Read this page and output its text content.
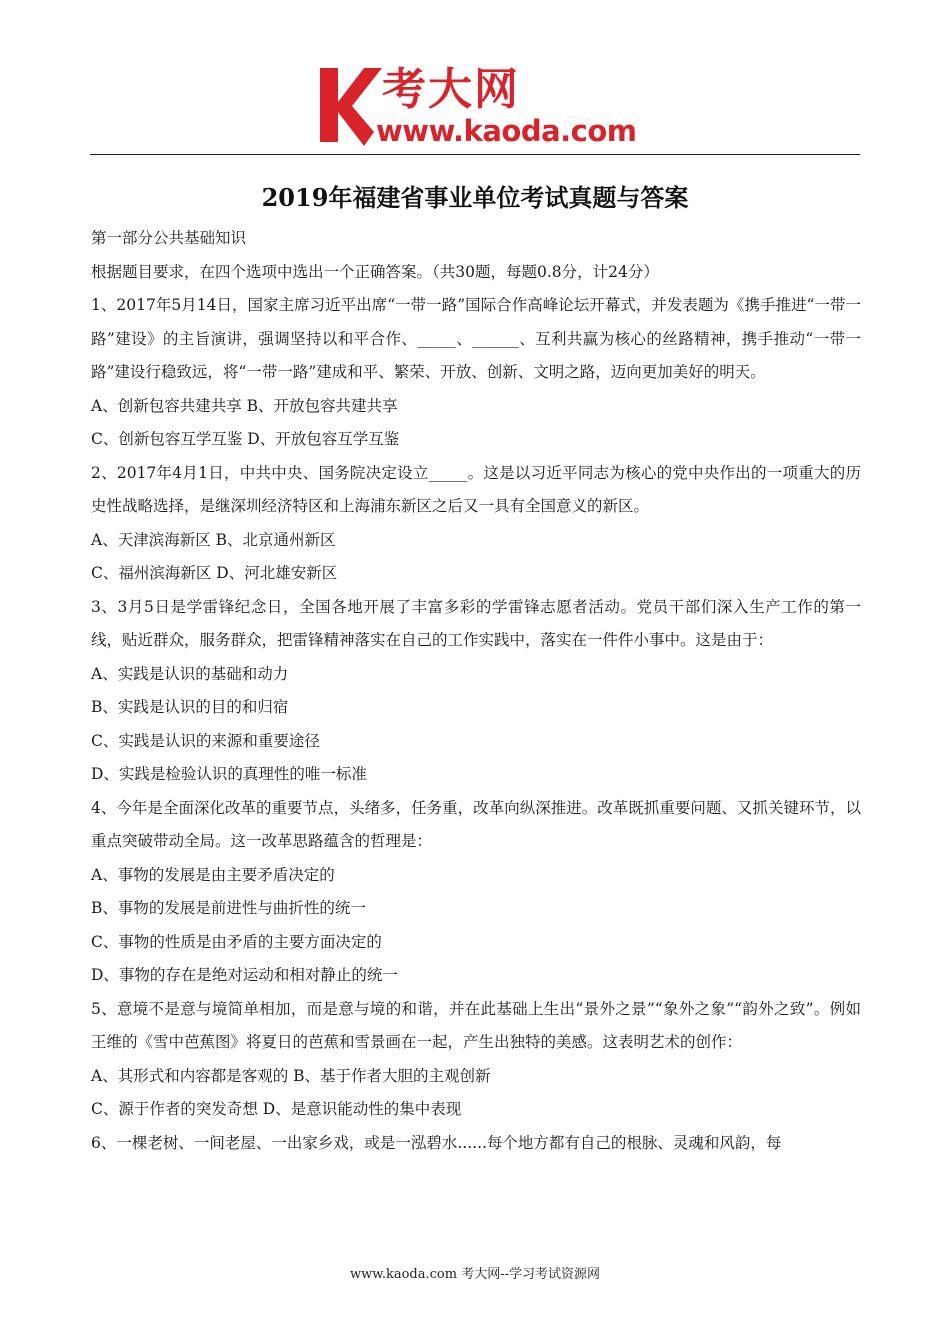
考大网
www.kaoda.com
2019年福建省事业单位考试真题与答案

第一部分公共基础知识

根据题目要求，在四个选项中选出一个正确答案。（共30题，每题0.8分，计24分）

1、2017年5月14日，国家主席习近平出席“一带一路”国际合作高峰论坛开幕式，并发表题为《携手推进“一带一路”建设》的主旨演讲，强调坚持以和平合作、_____、______、互利共赢为核心的丝路精神，携手推动“一带一路”建设行稳致远，将“一带一路”建成和平、繁荣、开放、创新、文明之路，迈向更加美好的明天。

A、创新包容共建共享 B、开放包容共建共享

C、创新包容互学互鉴 D、开放包容互学互鉴

2、2017年4月1日，中共中央、国务院决定设立_____。这是以习近平同志为核心的党中央作出的一项重大的历史性战略选择，是继深圳经济特区和上海浦东新区之后又一具有全国意义的新区。

A、天津滨海新区 B、北京通州新区

C、福州滨海新区 D、河北雄安新区

3、3月5日是学雷锋纪念日，全国各地开展了丰富多彩的学雷锋志愿者活动。党员干部们深入生产工作的第一线，贴近群众，服务群众，把雷锋精神落实在自己的工作实践中，落实在一件件小事中。这是由于：

A、实践是认识的基础和动力

B、实践是认识的目的和归宿

C、实践是认识的来源和重要途径

D、实践是检验认识的真理性的唯一标准

4、今年是全面深化改革的重要节点，头绪多，任务重，改革向纵深推进。改革既抓重要问题、又抓关键环节，以重点突破带动全局。这一改革思路蕴含的哲理是：

A、事物的发展是由主要矛盾决定的

B、事物的发展是前进性与曲折性的统一

C、事物的性质是由矛盾的主要方面决定的

D、事物的存在是绝对运动和相对静止的统一

5、意境不是意与境简单相加，而是意与境的和谐，并在此基础上生出“景外之景”“象外之象”“韵外之致”。例如王维的《雪中芭蕉图》将夏日的芭蕉和雪景画在一起，产生出独特的美感。这表明艺术的创作：

A、其形式和内容都是客观的 B、基于作者大胆的主观创新

C、源于作者的突发奇想 D、是意识能动性的集中表现

6、一棵老树、一间老屋、一出家乡戏，或是一泓碧水......每个地方都有自己的根脉、灵魂和风韵，每

www.kaoda.com 考大网--学习考试资源网
